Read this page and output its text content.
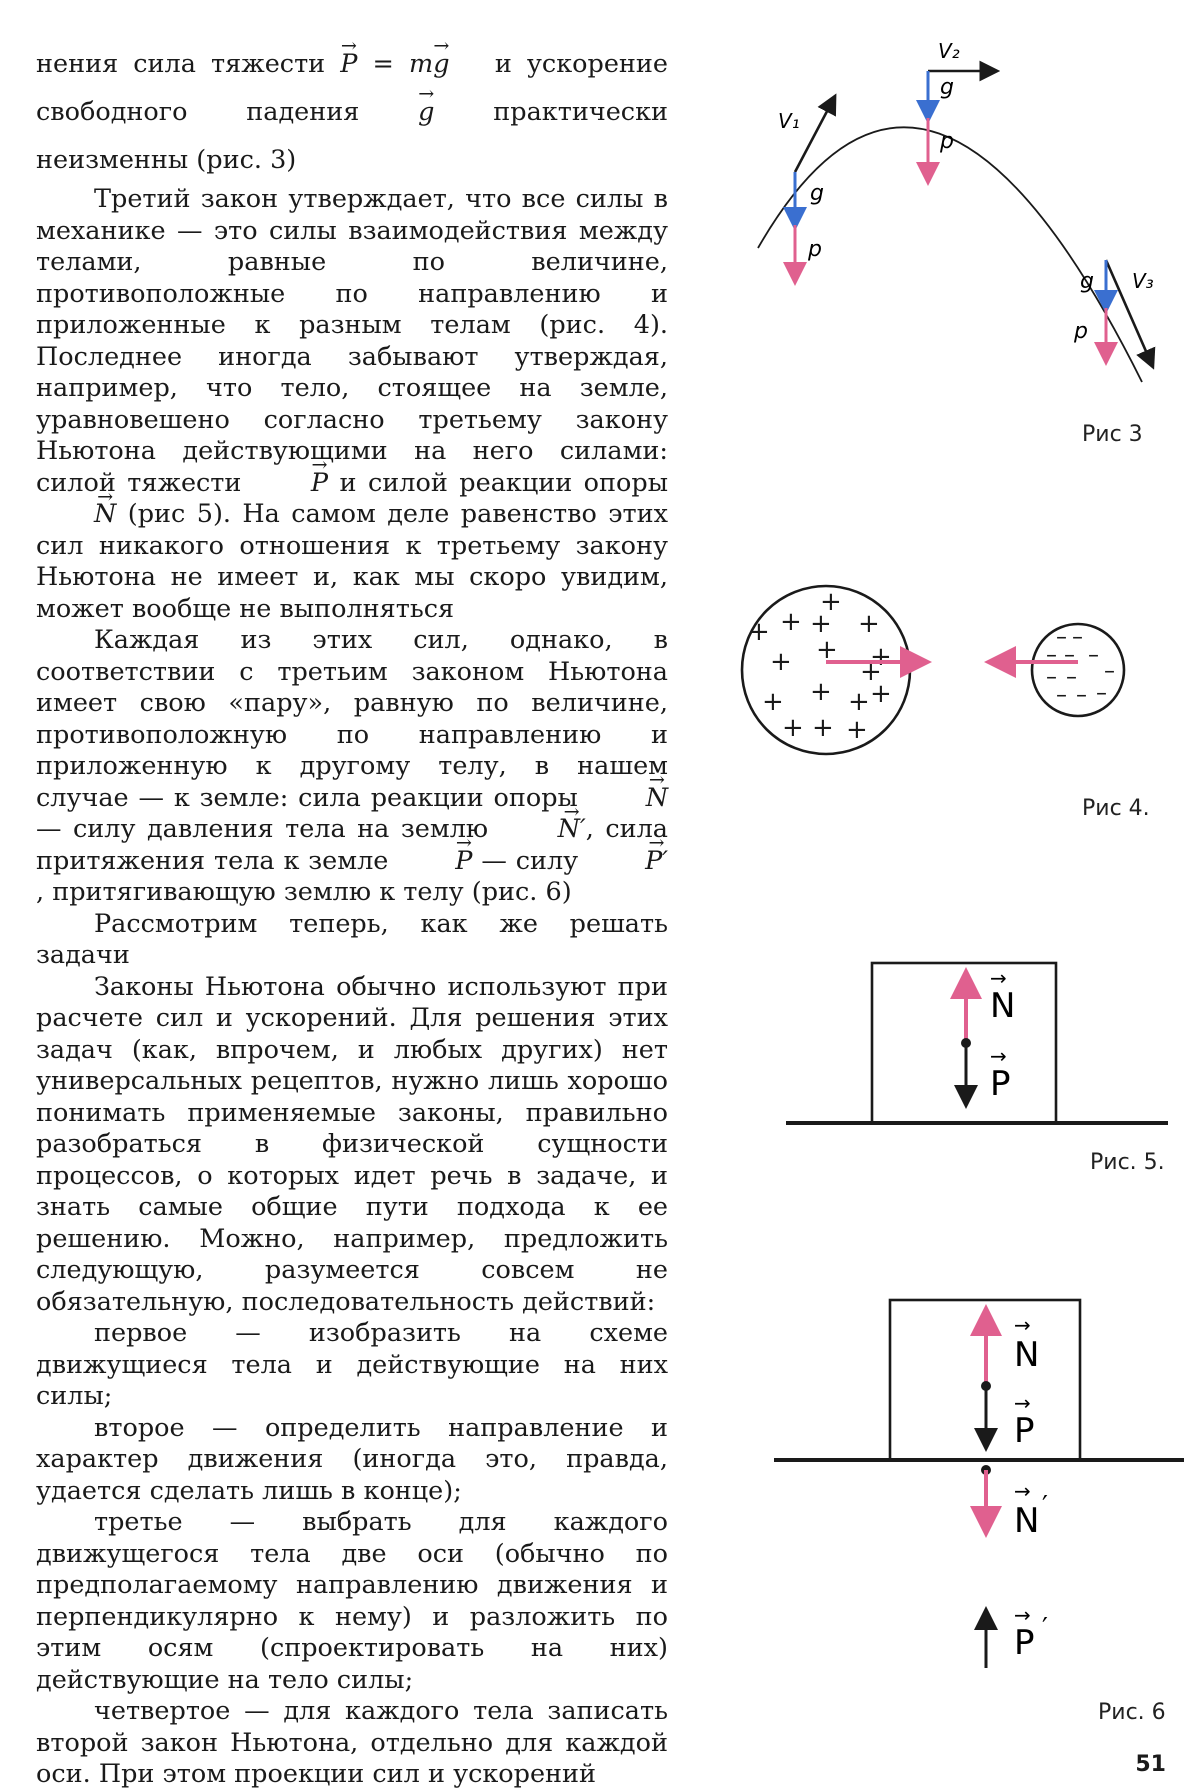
нения сила тяжести → P = m→ g и ускорение свободного падения → g практически неизменны (рис. 3)

Третий закон утверждает, что все силы в механике — это силы взаимодействия между телами, равные по величине, противоположные по направлению и приложенные к разным телам (рис. 4). Последнее иногда забывают утверждая, например, что тело, стоящее на земле, уравновешено согласно третьему закону Ньютона действующими на него силами: силой тяжести	→ P и силой реакции опоры → N (рис 5). На самом деле равенство этих сил никакого отношения к третьему закону Ньютона не имеет и, как мы скоро увидим, может вообще не выполняться

Каждая из этих сил, однако, в соответствии с третьим законом Ньютона имеет свою «пару», равную по величине, противоположную по направлению и приложенную к другому телу, в нашем случае — к земле: сила реакции опоры	→ N — силу давления тела на землю	→ N′, сила притяжения тела к земле	→ P — силу	→ P′, притягивающую землю к телу (рис. 6)

Рассмотрим теперь, как же решать задачи

Законы Ньютона обычно используют при расчете сил и ускорений. Для решения этих задач (как, впрочем, и любых других) нет универсальных рецептов, нужно лишь хорошо понимать применяемые законы, правильно разобраться в физической сущности процессов, о которых идет речь в задаче, и знать самые общие пути подхода к ее решению. Можно, например, предложить следующую, разумеется совсем не обязательную, последовательность действий:

первое — изобразить на схеме движущиеся тела и действующие на них силы;

второе — определить направление и характер движения (иногда это, правда, удается сделать лишь в конце);

третье — выбрать для каждого движущегося тела две оси (обычно по предполагаемому направлению движения и перпендикулярно к нему) и разложить по этим осям (спроектировать на них) действующие на тело силы;

четвертое — для каждого тела записать второй закон Ньютона, отдельно для каждой оси. При этом проекции сил и ускорений

V₁
g
p
V₂
g
p
V₃
g
p
Рис 3
+
+ + +
+
+ + +
+
+ + +
+
+ + +
– –
– – –
–
– –
– – –
Рис 4.
N
→
P
→
Рис. 5.
N
→
P
→
N
→ ′
P
→ ′
Рис. 6
51
